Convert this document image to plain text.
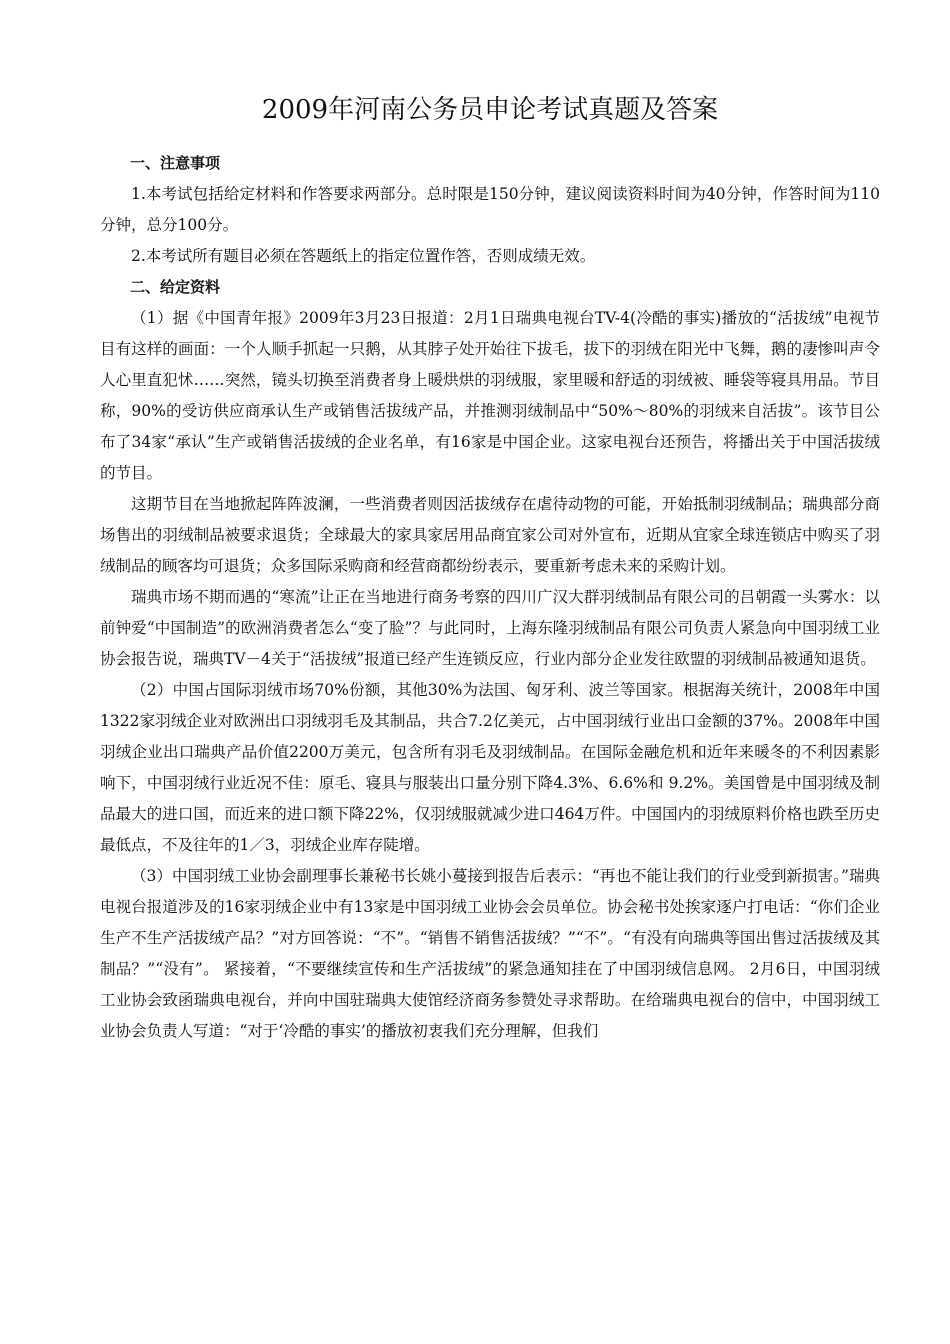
2009年河南公务员申论考试真题及答案

一、注意事项

1.本考试包括给定材料和作答要求两部分。总时限是150分钟，建议阅读资料时间为40分钟，作答时间为110分钟，总分100分。

2.本考试所有题目必须在答题纸上的指定位置作答，否则成绩无效。

二、给定资料

（1）据《中国青年报》2009年3月23日报道：2月1日瑞典电视台TV-4(冷酷的事实)播放的“活拔绒”电视节目有这样的画面：一个人顺手抓起一只鹅，从其脖子处开始往下拔毛，拔下的羽绒在阳光中飞舞，鹅的凄惨叫声令人心里直犯怵……突然，镜头切换至消费者身上暖烘烘的羽绒服，家里暖和舒适的羽绒被、睡袋等寝具用品。节目称，90%的受访供应商承认生产或销售活拔绒产品，并推测羽绒制品中“50%～80%的羽绒来自活拔”。该节目公布了34家“承认”生产或销售活拔绒的企业名单，有16家是中国企业。这家电视台还预告，将播出关于中国活拔绒的节目。

这期节目在当地掀起阵阵波澜，一些消费者则因活拔绒存在虐待动物的可能，开始抵制羽绒制品；瑞典部分商场售出的羽绒制品被要求退货；全球最大的家具家居用品商宜家公司对外宣布，近期从宜家全球连锁店中购买了羽绒制品的顾客均可退货；众多国际采购商和经营商都纷纷表示，要重新考虑未来的采购计划。

瑞典市场不期而遇的“寒流”让正在当地进行商务考察的四川广汉大群羽绒制品有限公司的吕朝霞一头雾水：以前钟爱“中国制造”的欧洲消费者怎么“变了脸”？与此同时，上海东隆羽绒制品有限公司负责人紧急向中国羽绒工业协会报告说，瑞典TV－4关于“活拔绒”报道已经产生连锁反应，行业内部分企业发往欧盟的羽绒制品被通知退货。

（2）中国占国际羽绒市场70%份额，其他30%为法国、匈牙利、波兰等国家。根据海关统计，2008年中国1322家羽绒企业对欧洲出口羽绒羽毛及其制品，共合7.2亿美元，占中国羽绒行业出口金额的37%。2008年中国羽绒企业出口瑞典产品价值2200万美元，包含所有羽毛及羽绒制品。在国际金融危机和近年来暖冬的不利因素影响下，中国羽绒行业近况不佳：原毛、寝具与服装出口量分别下降4.3%、6.6%和 9.2%。美国曾是中国羽绒及制品最大的进口国，而近来的进口额下降22%，仅羽绒服就减少进口464万件。中国国内的羽绒原料价格也跌至历史最低点，不及往年的1／3，羽绒企业库存陡增。

（3）中国羽绒工业协会副理事长兼秘书长姚小蔓接到报告后表示：“再也不能让我们的行业受到新损害。”瑞典电视台报道涉及的16家羽绒企业中有13家是中国羽绒工业协会会员单位。协会秘书处挨家逐户打电话：“你们企业生产不生产活拔绒产品？”对方回答说：“不”。“销售不销售活拔绒？”“不”。“有没有向瑞典等国出售过活拔绒及其制品？”“没有”。 紧接着，“不要继续宣传和生产活拔绒”的紧急通知挂在了中国羽绒信息网。 2月6日，中国羽绒工业协会致函瑞典电视台，并向中国驻瑞典大使馆经济商务参赞处寻求帮助。在给瑞典电视台的信中，中国羽绒工业协会负责人写道：“对于‘冷酷的事实’的播放初衷我们充分理解，但我们
